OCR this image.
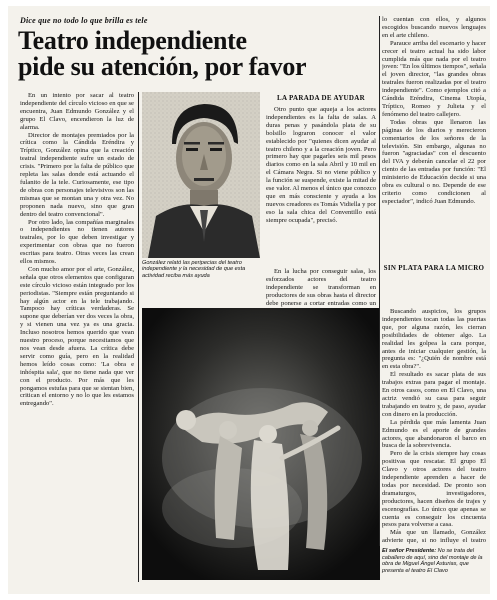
Dice que no todo lo que brilla es tele
Teatro independiente
pide su atención, por favor

En un intento por sacar al teatro independiente del círculo vicioso en que se encuentra, Juan Edmundo González y el grupo El Clavo, encendieron la luz de alarma.

Director de montajes premiados por la crítica como la Cándida Eréndira y Tríptico, González opina que la creación teatral independiente sufre un estado de crisis. "Primero por la falta de público que repleta las salas donde está actuando el fulanito de la tele. Curiosamente, ese tipo de obras con personajes televisivos son las mismas que se montan una y otra vez. No proponen nada nuevo, sino que gran dentro del teatro convencional".

Por otro lado, las compañías marginales o independientes no tienen autores teatrales, por lo que deben investigar y experimentar con obras que no fueron escritas para teatro. Otras veces las crean ellos mismos.

Con mucho amor por el arte, González, señala que otros elementos que configuran este círculo vicioso están integrado por los periodistas. "Siempre están preguntando si hay algún actor en la tele trabajando. Tampoco hay críticas verdaderas. Se supone que deberían ver dos veces la obra, y si vienen una vez ya es una gracia. Incluso nosotros hemos querido que vean nuestro proceso, porque necesitamos que nos vean desde afuera. La crítica debe servir como guía, pero en la realidad hemos leído cosas como: 'La obra e inhóspita sala', que no tiene nada que ver con el producto. Por más que les pongamos estufas para que se sientan bien, critican el entorno y no lo que les estamos entregando".

González relató las peripecias del teatro independiente y la necesidad de que esta actividad reciba más ayuda
LA PARADA DE AYUDAR

Otro punto que aqueja a los actores independientes es la falta de salas. A duras penas y pasándola plata de su bolsillo lograron conocer el valor establecido por "quienes dicen ayudar al teatro chileno y a la creación joven. Pero primero hay que pagarles seis mil pesos diarios como en la sala Abril y 10 mil en el Cámara Negra. Si no viene público y la función se suspende, existe la mitad de ese valor. Al menos el único que conozco que en más consciente y ayuda a los nuevos creadores es Tomás Vidiella y por eso la sala chica del Conventillo está siempre ocupada", precisó.

En la lucha por conseguir salas, los esforzados actores del teatro independiente se transforman en productores de sus obras hasta el director debe ponerse a cortar entradas como un

lo cuentan con ellos, y algunos escogidos buscando nuevos lenguajes en el arte chileno.

Parauce arriba del escenario y hacer crecer el teatro actual ha sido labor cumplida más que nada por el teatro joven: "En los últimos tiempos", señala el joven director, "las grandes obras teatrales fueron realizadas por el teatro independiente". Como ejemplos citó a Cándida Eréndira, Cinema Utopía, Tríptico, Romeo y Julieta y el fenómeno del teatro callejero.

Todas obras que llenaron las páginas de los diarios y merecieron comentarios de los señores de la televisión. Sin embargo, algunas no fueron "agraciadas" con el descuento del IVA y deberán cancelar el 22 por ciento de las entradas por función: "El ministerio de Educación decide si una obra es cultural o no. Depende de ese criterio como condicionen al espectador", indicó Juan Edmundo.

SIN PLATA PARA LA MICRO

Buscando auspicios, los grupos independientes tocan todas las puertas que, por alguna razón, les cierran posibilidades de obtener algo. La realidad les golpea la cara porque, antes de iniciar cualquier gestión, la pregunta es: "¿Quién de nombre está en esta obra?".

El resultado es sacar plata de sus trabajos extras para pagar el montaje. En otros casos, como en El Clavo, una actriz vendió su casa para seguir trabajando en teatro y, de paso, ayudar con dinero en la producción.

La pérdida que más lamenta Juan Edmundo es el aporte de grandes actores, que abandonaron el barco en busca de la sobrevivencia.

Pero de la crisis siempre hay cosas positivas que rescatar. El grupo El Clavo y otros actores del teatro independiente aprenden a hacer de todas por necesidad. De pronto son dramaturgos, investigadores, productores, hacen diseños de trajes y escenografías. Lo único que apenas se cuenta es conseguir los cincuenta pesos para volverse a casa.

Más que un llamado, González advierte que, si no influye el teatro

El señor Presidente: No se trata del caballero de aquí, sino del montaje de la obra de Miguel Ángel Asturias, que presenta el teatro El Clavo
